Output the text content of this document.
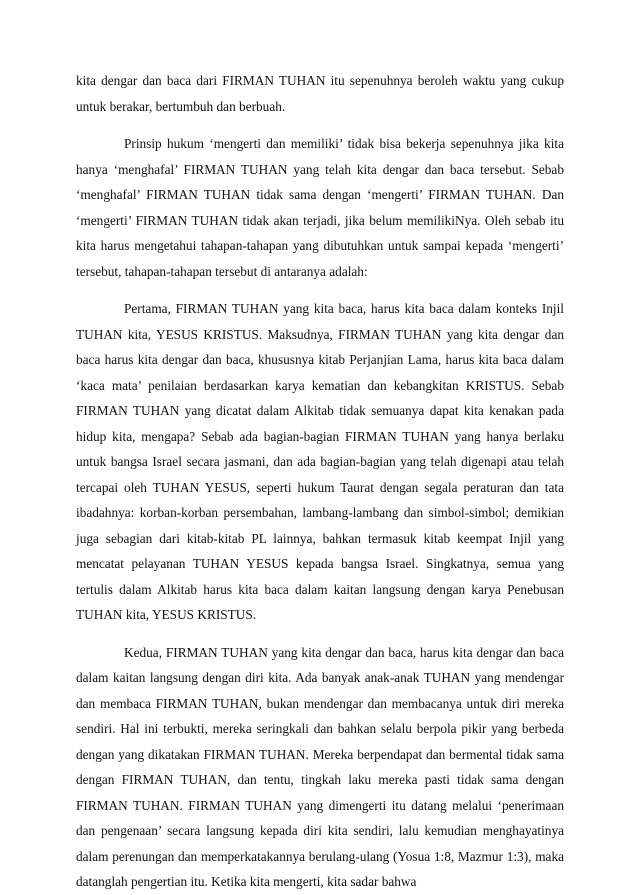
kita dengar dan baca dari FIRMAN TUHAN itu sepenuhnya beroleh waktu yang cukup untuk berakar, bertumbuh dan berbuah.

Prinsip hukum ‘mengerti dan memiliki’ tidak bisa bekerja sepenuhnya jika kita hanya ‘menghafal’ FIRMAN TUHAN yang telah kita dengar dan baca tersebut. Sebab ‘menghafal’ FIRMAN TUHAN tidak sama dengan ‘mengerti’ FIRMAN TUHAN. Dan ‘mengerti’ FIRMAN TUHAN tidak akan terjadi, jika belum memilikiNya. Oleh sebab itu kita harus mengetahui tahapan-tahapan yang dibutuhkan untuk sampai kepada ‘mengerti’ tersebut, tahapan-tahapan tersebut di antaranya adalah:

Pertama, FIRMAN TUHAN yang kita baca, harus kita baca dalam konteks Injil TUHAN kita, YESUS KRISTUS. Maksudnya, FIRMAN TUHAN yang kita dengar dan baca harus kita dengar dan baca, khususnya kitab Perjanjian Lama, harus kita baca dalam ‘kaca mata’ penilaian berdasarkan karya kematian dan kebangkitan KRISTUS. Sebab FIRMAN TUHAN yang dicatat dalam Alkitab tidak semuanya dapat kita kenakan pada hidup kita, mengapa? Sebab ada bagian-bagian FIRMAN TUHAN yang hanya berlaku untuk bangsa Israel secara jasmani, dan ada bagian-bagian yang telah digenapi atau telah tercapai oleh TUHAN YESUS, seperti hukum Taurat dengan segala peraturan dan tata ibadahnya: korban-korban persembahan, lambang-lambang dan simbol-simbol; demikian juga sebagian dari kitab-kitab PL lainnya, bahkan termasuk kitab keempat Injil yang mencatat pelayanan TUHAN YESUS kepada bangsa Israel. Singkatnya, semua yang tertulis dalam Alkitab harus kita baca dalam kaitan langsung dengan karya Penebusan TUHAN kita, YESUS KRISTUS.

Kedua, FIRMAN TUHAN yang kita dengar dan baca, harus kita dengar dan baca dalam kaitan langsung dengan diri kita. Ada banyak anak-anak TUHAN yang mendengar dan membaca FIRMAN TUHAN, bukan mendengar dan membacanya untuk diri mereka sendiri. Hal ini terbukti, mereka seringkali dan bahkan selalu berpola pikir yang berbeda dengan yang dikatakan FIRMAN TUHAN. Mereka berpendapat dan bermental tidak sama dengan FIRMAN TUHAN, dan tentu, tingkah laku mereka pasti tidak sama dengan FIRMAN TUHAN. FIRMAN TUHAN yang dimengerti itu datang melalui ‘penerimaan dan pengenaan’ secara langsung kepada diri kita sendiri, lalu kemudian menghayatinya dalam perenungan dan memperkatakannya berulang-ulang (Yosua 1:8, Mazmur 1:3), maka datanglah pengertian itu. Ketika kita mengerti, kita sadar bahwa
